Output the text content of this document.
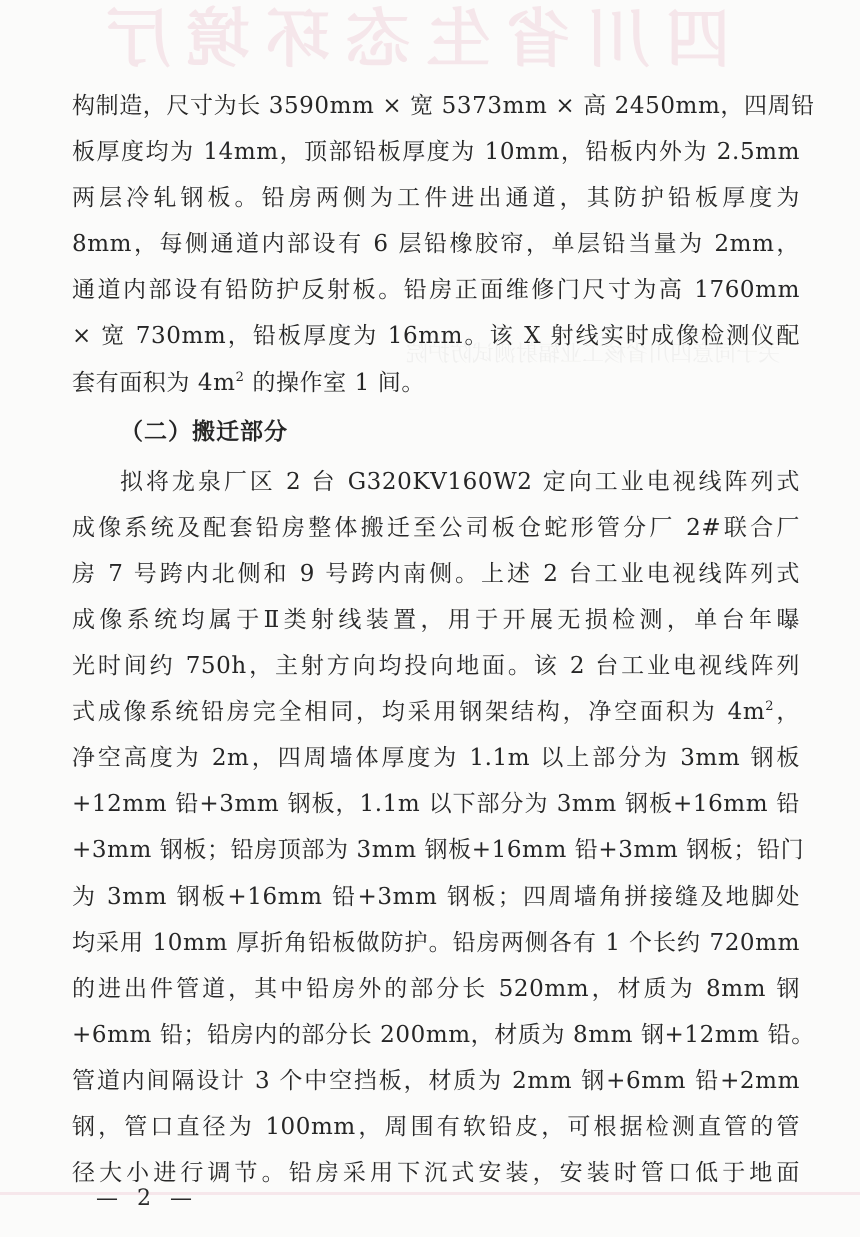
四川省生态环境厅
关于同意四川省核工业辐射测试防护院
构制造，尺寸为长 3590mm × 宽 5373mm × 高 2450mm，四周铅
板厚度均为 14mm，顶部铅板厚度为 10mm，铅板内外为 2.5mm
两层冷轧钢板。铅房两侧为工件进出通道，其防护铅板厚度为
8mm，每侧通道内部设有 6 层铅橡胶帘，单层铅当量为 2mm，
通道内部设有铅防护反射板。铅房正面维修门尺寸为高 1760mm
× 宽 730mm，铅板厚度为 16mm。该 X 射线实时成像检测仪配
套有面积为 $4m^2$ 的操作室 1 间。
（二）搬迁部分
拟将龙泉厂区 2 台 G320KV160W2 定向工业电视线阵列式
成像系统及配套铅房整体搬迁至公司板仓蛇形管分厂 2#联合厂
房 7 号跨内北侧和 9 号跨内南侧。上述 2 台工业电视线阵列式
成像系统均属于Ⅱ类射线装置，用于开展无损检测，单台年曝
光时间约 750h，主射方向均投向地面。该 2 台工业电视线阵列
式成像系统铅房完全相同，均采用钢架结构，净空面积为 $4m^2$，
净空高度为 2m，四周墙体厚度为 1.1m 以上部分为 3mm 钢板
+12mm 铅+3mm 钢板，1.1m 以下部分为 3mm 钢板+16mm 铅
+3mm 钢板；铅房顶部为 3mm 钢板+16mm 铅+3mm 钢板；铅门
为 3mm 钢板+16mm 铅+3mm 钢板；四周墙角拼接缝及地脚处
均采用 10mm 厚折角铅板做防护。铅房两侧各有 1 个长约 720mm
的进出件管道，其中铅房外的部分长 520mm，材质为 8mm 钢
+6mm 铅；铅房内的部分长 200mm，材质为 8mm 钢+12mm 铅。
管道内间隔设计 3 个中空挡板，材质为 2mm 钢+6mm 铅+2mm
钢，管口直径为 100mm，周围有软铅皮，可根据检测直管的管
径大小进行调节。铅房采用下沉式安装，安装时管口低于地面
— 2 —
